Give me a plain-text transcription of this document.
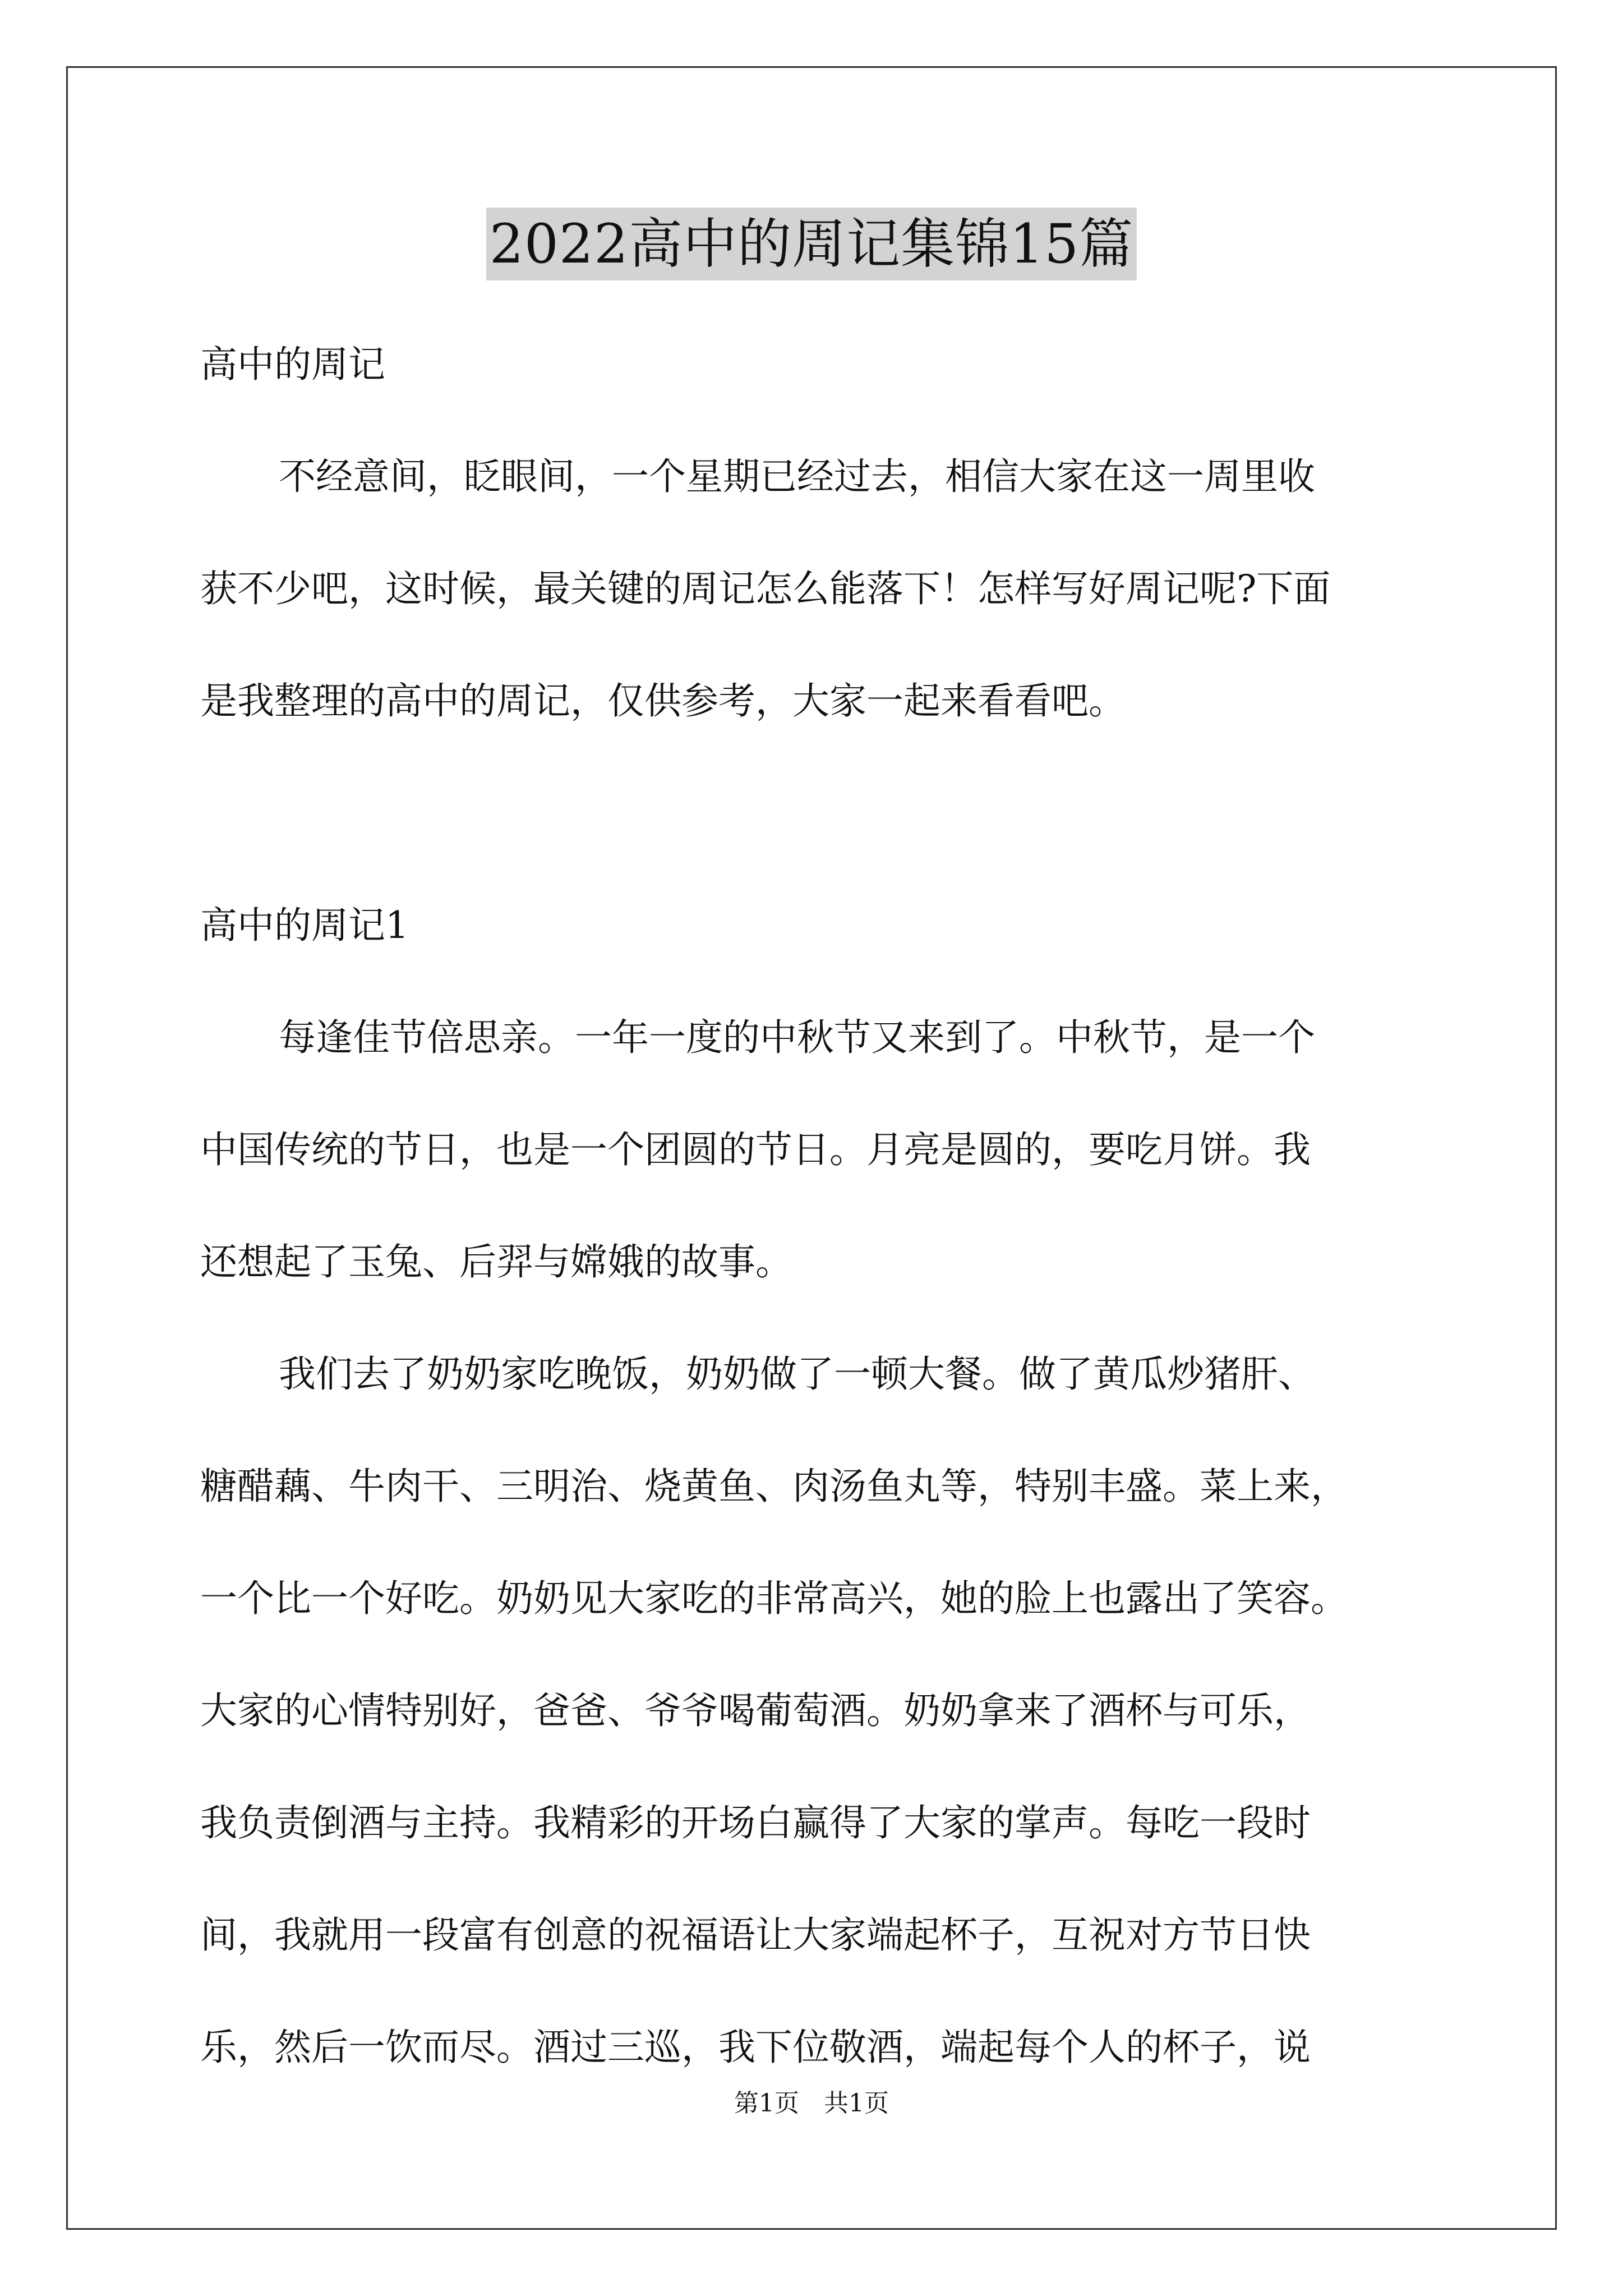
2022高中的周记集锦15篇
高中的周记
不经意间，眨眼间，一个星期已经过去，相信大家在这一周里收
获不少吧，这时候，最关键的周记怎么能落下！怎样写好周记呢?下面
是我整理的高中的周记，仅供参考，大家一起来看看吧。
高中的周记1
每逢佳节倍思亲。一年一度的中秋节又来到了。中秋节，是一个
中国传统的节日，也是一个团圆的节日。月亮是圆的，要吃月饼。我
还想起了玉兔、后羿与嫦娥的故事。
我们去了奶奶家吃晚饭，奶奶做了一顿大餐。做了黄瓜炒猪肝、
糖醋藕、牛肉干、三明治、烧黄鱼、肉汤鱼丸等，特别丰盛。菜上来，
一个比一个好吃。奶奶见大家吃的非常高兴，她的脸上也露出了笑容。
大家的心情特别好，爸爸、爷爷喝葡萄酒。奶奶拿来了酒杯与可乐，
我负责倒酒与主持。我精彩的开场白赢得了大家的掌声。每吃一段时
间，我就用一段富有创意的祝福语让大家端起杯子，互祝对方节日快
乐，然后一饮而尽。酒过三巡，我下位敬酒，端起每个人的杯子，说
第1页　共1页
